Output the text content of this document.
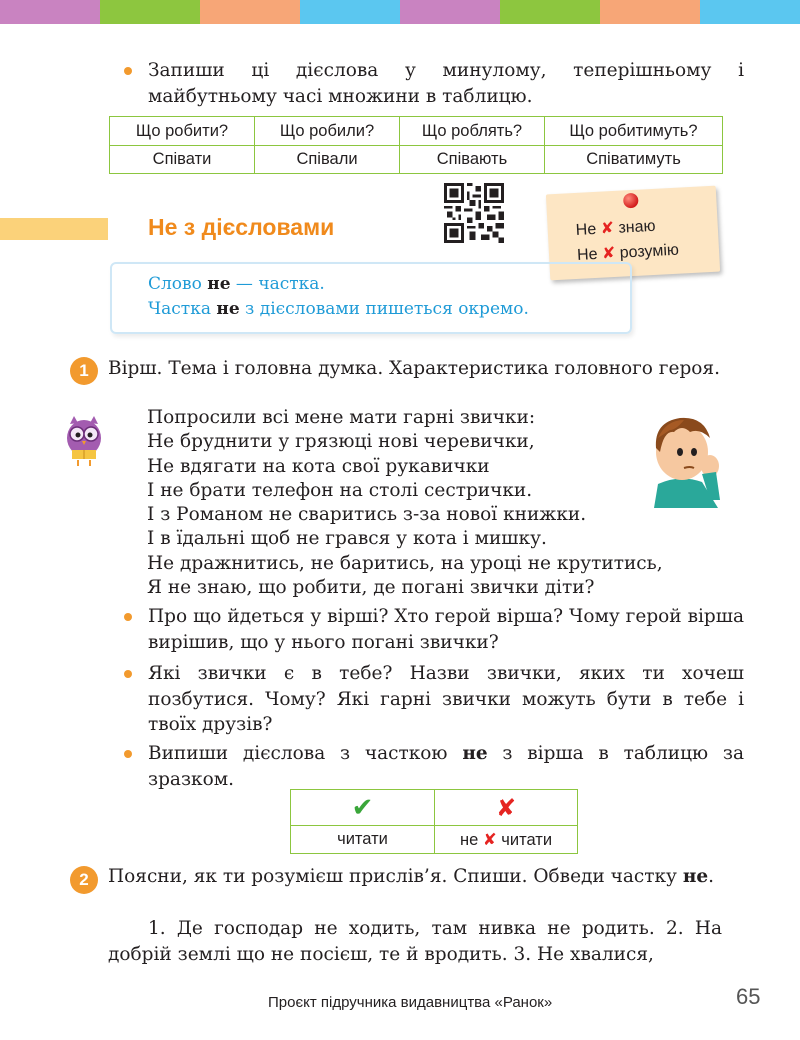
Запиши ці дієслова у минулому, теперішньому і майбутньому часі множини в таблицю.
Що робити?	Що робили?	Що роблять?	Що робитимуть?
Співати	Співали	Співають	Співатимуть
Не з дієсловами	Не ✘ знаю
Не ✘ розумію
Слово не — частка.
Частка не з дієсловами пишеться окремо.
1	Вірш. Тема і головна думка. Характеристика головного героя.
Попросили всі мене мати гарні звички:
Не бруднити у грязюці нові черевички,
Не вдягати на кота свої рукавички
І не брати телефон на столі сестрички.
І з Романом не сваритись з-за нової книжки.
І в їдальні щоб не грався у кота і мишку.
Не дражнитись, не баритись, на уроці не крутитись,
Я не знаю, що робити, де погані звички діти?
Про що йдеться у вірші? Хто герой вірша? Чому герой вірша вирішив, що у нього погані звички?
Які звички є в тебе? Назви звички, яких ти хочеш позбутися. Чому? Які гарні звички можуть бути в тебе і твоїх друзів?
Випиши дієслова з часткою не з вірша в таблицю за зразком.
✔	✘
читати	не ✘ читати
2	Поясни, як ти розумієш прислів’я. Спиши. Обведи частку не.
1. Де господар не ходить, там нивка не родить. 2. На добрій землі що не посієш, те й вродить. 3. Не хвалися,
Проєкт підручника видавництва «Ранок»	65
